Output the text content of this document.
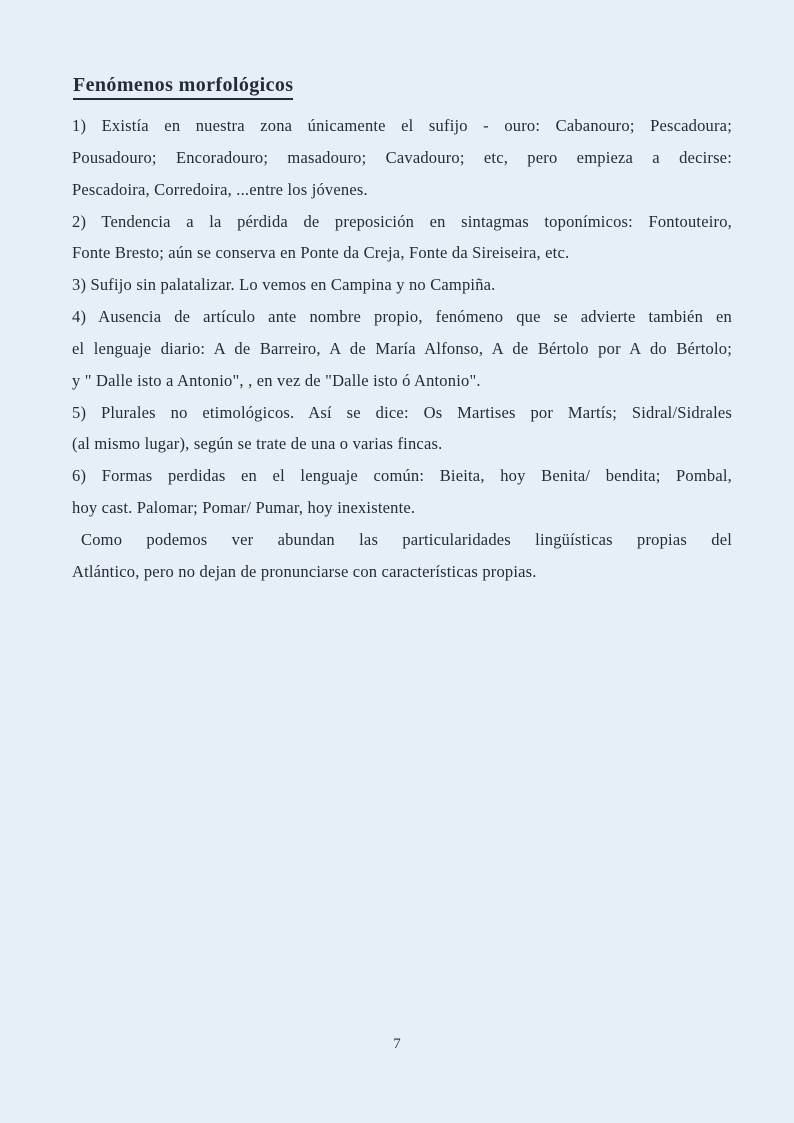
Fenómenos morfológicos
1) Existía en nuestra zona únicamente el sufijo - ouro: Cabanouro; Pescadoura;
Pousadouro; Encoradouro; masadouro; Cavadouro; etc, pero empieza a decirse:
Pescadoira, Corredoira, ...entre los jóvenes.
2) Tendencia a la pérdida de preposición en sintagmas toponímicos: Fontouteiro,
Fonte Bresto; aún se conserva en Ponte da Creja, Fonte da Sireiseira, etc.
3) Sufijo sin palatalizar. Lo vemos en Campina y no Campiña.
4) Ausencia de artículo ante nombre propio, fenómeno que se advierte también en
el lenguaje diario: A de Barreiro, A de María Alfonso, A de Bértolo por A do Bértolo;
y " Dalle isto a Antonio", , en vez de "Dalle isto ó Antonio".
5) Plurales no etimológicos. Así se dice: Os Martises por Martís; Sidral/Sidrales
(al mismo lugar), según se trate de una o varias fincas.
6) Formas perdidas en el lenguaje común: Bieita, hoy Benita/ bendita; Pombal,
hoy cast. Palomar; Pomar/ Pumar, hoy inexistente.
Como podemos ver abundan las particularidades lingüísticas propias del
Atlántico, pero no dejan de pronunciarse con características propias.
7
